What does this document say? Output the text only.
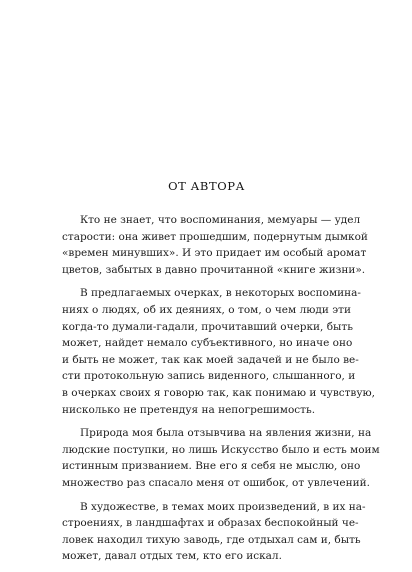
ОТ АВТОРА
Кто не знает, что воспоминания, мемуары — удел
старости: она живет прошедшим, подернутым дымкой
«времен минувших». И это придает им особый аромат
цветов, забытых в давно прочитанной «книге жизни».
В предлагаемых очерках, в некоторых воспомина-
ниях о людях, об их деяниях, о том, о чем люди эти
когда-то думали-гадали, прочитавший очерки, быть
может, найдет немало субъективного, но иначе оно
и быть не может, так как моей задачей и не было ве-
сти протокольную запись виденного, слышанного, и
в очерках своих я говорю так, как понимаю и чувствую,
нисколько не претендуя на непогрешимость.
Природа моя была отзывчива на явления жизни, на
людские поступки, но лишь Искусство было и есть моим
истинным призванием. Вне его я себя не мыслю, оно
множество раз спасало меня от ошибок, от увлечений.
В художестве, в темах моих произведений, в их на-
строениях, в ландшафтах и образах беспокойный че-
ловек находил тихую заводь, где отдыхал сам и, быть
может, давал отдых тем, кто его искал.
